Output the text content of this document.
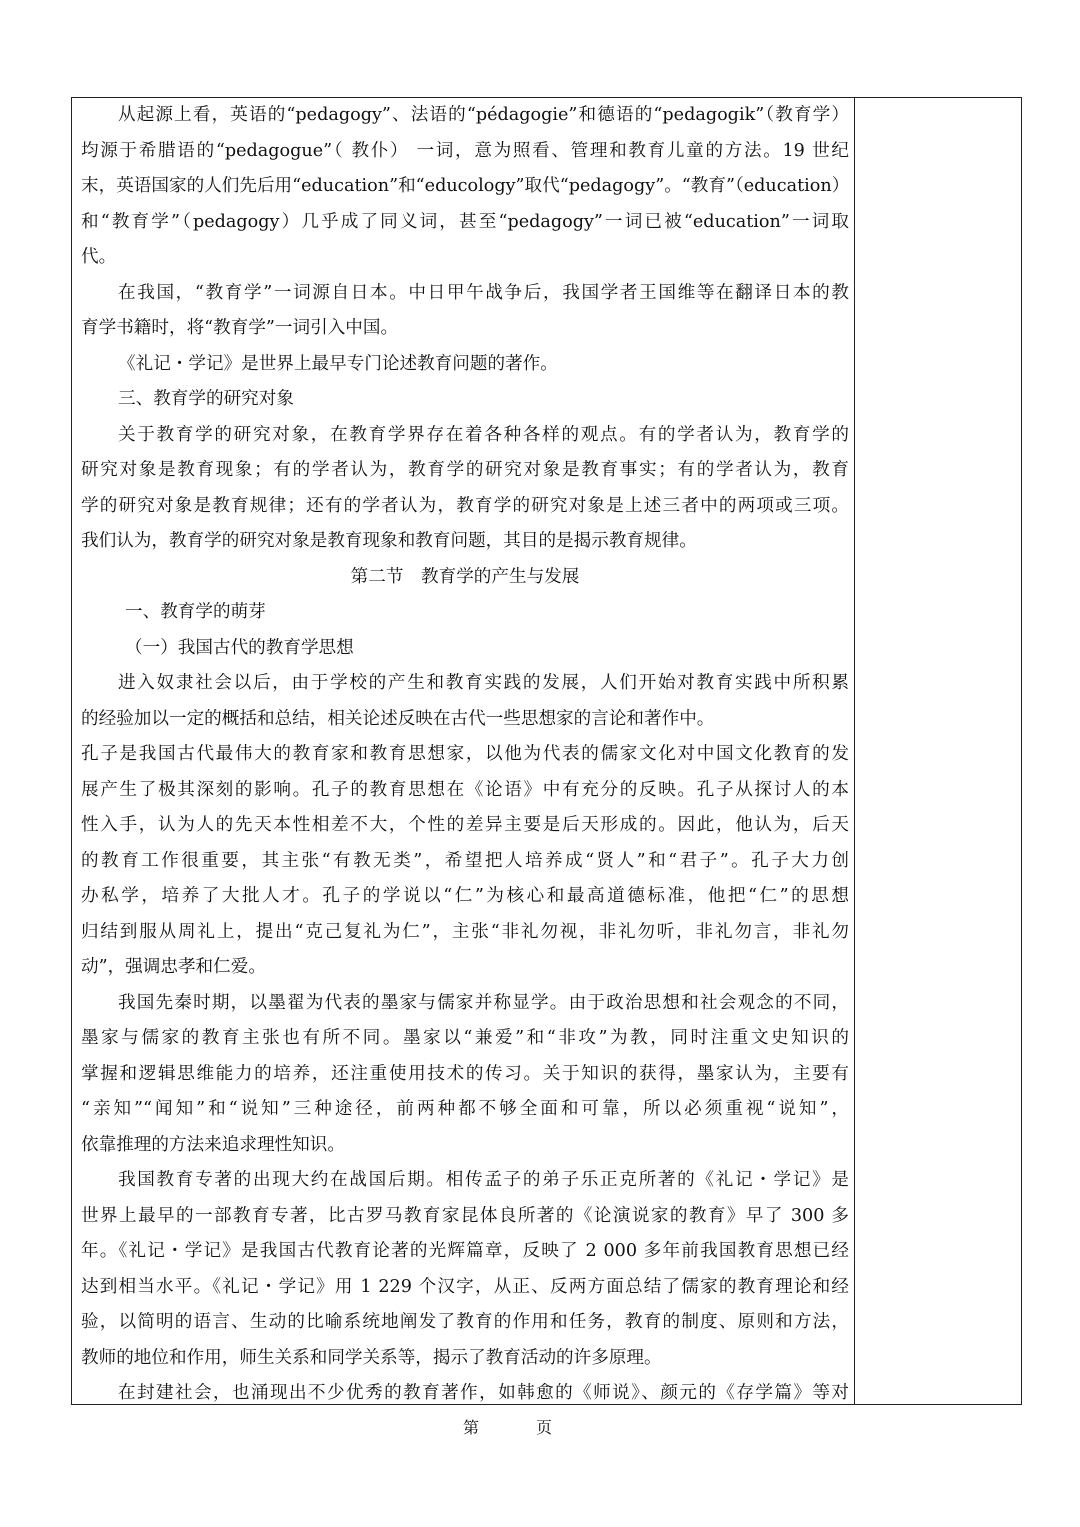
从起源上看，英语的“pedagogy”、法语的“pédagogie”和德语的“pedagogik”（教育学）

均源于希腊语的“pedagogue”（ 教仆） 一词，意为照看、管理和教育儿童的方法。19 世纪

末，英语国家的人们先后用“education”和“educology”取代“pedagogy”。“教育”（education）

和“教育学”（pedagogy）几乎成了同义词，甚至“pedagogy”一词已被“education”一词取

代。

在我国，“教育学”一词源自日本。中日甲午战争后，我国学者王国维等在翻译日本的教

育学书籍时，将“教育学”一词引入中国。

《礼记・学记》是世界上最早专门论述教育问题的著作。

三、教育学的研究对象

关于教育学的研究对象，在教育学界存在着各种各样的观点。有的学者认为，教育学的

研究对象是教育现象；有的学者认为，教育学的研究对象是教育事实；有的学者认为，教育

学的研究对象是教育规律；还有的学者认为，教育学的研究对象是上述三者中的两项或三项。

我们认为，教育学的研究对象是教育现象和教育问题，其目的是揭示教育规律。

第二节　教育学的产生与发展

一、教育学的萌芽

（一）我国古代的教育学思想

进入奴隶社会以后，由于学校的产生和教育实践的发展，人们开始对教育实践中所积累

的经验加以一定的概括和总结，相关论述反映在古代一些思想家的言论和著作中。

孔子是我国古代最伟大的教育家和教育思想家，以他为代表的儒家文化对中国文化教育的发

展产生了极其深刻的影响。孔子的教育思想在《论语》中有充分的反映。孔子从探讨人的本

性入手，认为人的先天本性相差不大，个性的差异主要是后天形成的。因此，他认为，后天

的教育工作很重要，其主张“有教无类”，希望把人培养成“贤人”和“君子”。孔子大力创

办私学，培养了大批人才。孔子的学说以“仁”为核心和最高道德标准，他把“仁”的思想

归结到服从周礼上，提出“克己复礼为仁”，主张“非礼勿视，非礼勿听，非礼勿言，非礼勿

动”，强调忠孝和仁爱。

我国先秦时期，以墨翟为代表的墨家与儒家并称显学。由于政治思想和社会观念的不同，

墨家与儒家的教育主张也有所不同。墨家以“兼爱”和“非攻”为教，同时注重文史知识的

掌握和逻辑思维能力的培养，还注重使用技术的传习。关于知识的获得，墨家认为，主要有

“亲知”“闻知”和“说知”三种途径，前两种都不够全面和可靠，所以必须重视“说知”，

依靠推理的方法来追求理性知识。

我国教育专著的出现大约在战国后期。相传孟子的弟子乐正克所著的《礼记・学记》是

世界上最早的一部教育专著，比古罗马教育家昆体良所著的《论演说家的教育》早了 300 多

年。《礼记・学记》是我国古代教育论著的光辉篇章，反映了 2 000 多年前我国教育思想已经

达到相当水平。《礼记・学记》用 1 229 个汉字，从正、反两方面总结了儒家的教育理论和经

验，以简明的语言、生动的比喻系统地阐发了教育的作用和任务，教育的制度、原则和方法，

教师的地位和作用，师生关系和同学关系等，揭示了教育活动的许多原理。

在封建社会，也涌现出不少优秀的教育著作，如韩愈的《师说》、颜元的《存学篇》等对

第	页
